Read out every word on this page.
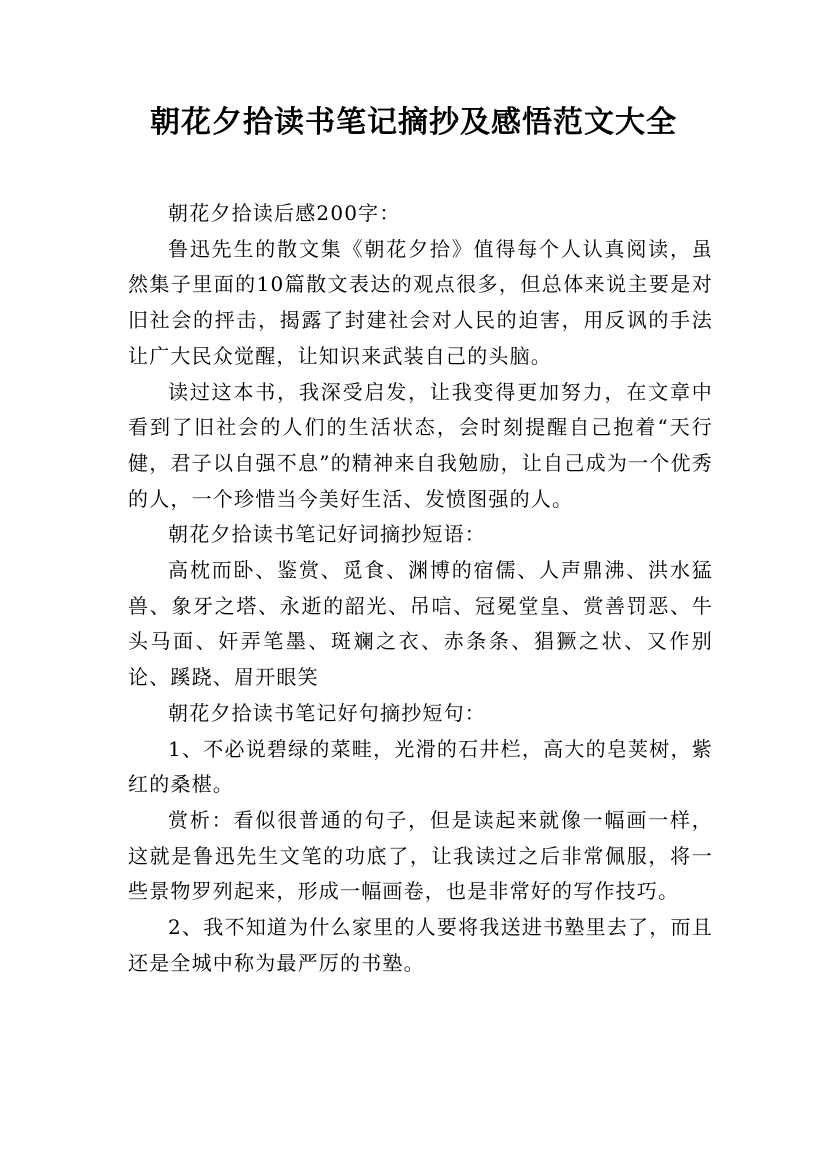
朝花夕拾读书笔记摘抄及感悟范文大全

朝花夕拾读后感200字：

鲁迅先生的散文集《朝花夕拾》值得每个人认真阅读，虽然集子里面的10篇散文表达的观点很多，但总体来说主要是对旧社会的抨击，揭露了封建社会对人民的迫害，用反讽的手法让广大民众觉醒，让知识来武装自己的头脑。

读过这本书，我深受启发，让我变得更加努力，在文章中看到了旧社会的人们的生活状态，会时刻提醒自己抱着“天行健，君子以自强不息”的精神来自我勉励，让自己成为一个优秀的人，一个珍惜当今美好生活、发愤图强的人。

朝花夕拾读书笔记好词摘抄短语：

高枕而卧、鉴赏、觅食、渊博的宿儒、人声鼎沸、洪水猛兽、象牙之塔、永逝的韶光、吊唁、冠冕堂皇、赏善罚恶、牛头马面、奸弄笔墨、斑斓之衣、赤条条、猖獗之状、又作别论、蹊跷、眉开眼笑

朝花夕拾读书笔记好句摘抄短句：

1、不必说碧绿的菜畦，光滑的石井栏，高大的皂荚树，紫红的桑椹。

赏析：看似很普通的句子，但是读起来就像一幅画一样，这就是鲁迅先生文笔的功底了，让我读过之后非常佩服，将一些景物罗列起来，形成一幅画卷，也是非常好的写作技巧。

2、我不知道为什么家里的人要将我送进书塾里去了，而且还是全城中称为最严厉的书塾。
